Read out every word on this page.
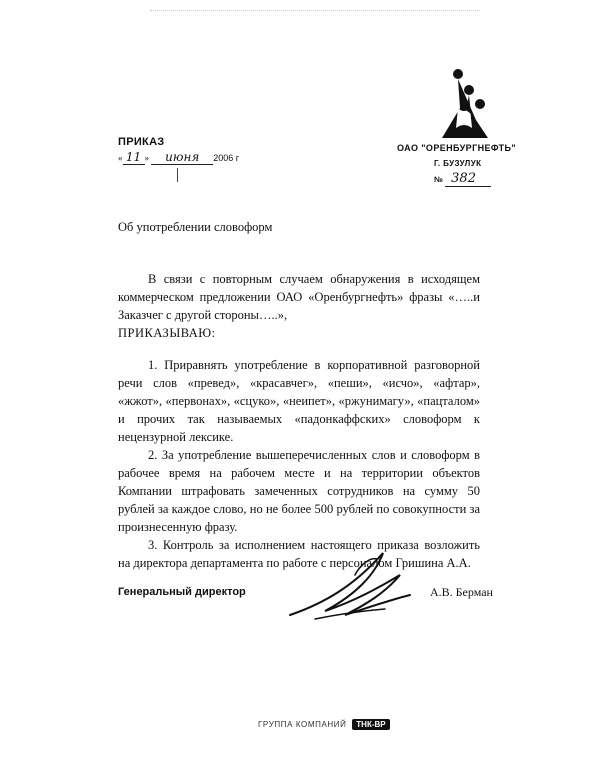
ПРИКАЗ
« 11 » июня 2006 г
ОАО "ОРЕНБУРГНЕФТЬ"
Г. БУЗУЛУК
№ 382
Об употреблении словоформ

В связи с повторным случаем обнаружения в исходящем коммерческом предложении ОАО «Оренбургнефть» фразы «…..и Заказчег с другой стороны…..»,

ПРИКАЗЫВАЮ:

1. Приравнять употребление в корпоративной разговорной речи слов «превед», «красавчег», «пеши», «исчо», «афтар», «жжот», «первонах», «сцуко», «неипет», «ржунимагу», «пацталом» и прочих так называемых «падонкаффских» словоформ к нецензурной лексике.

2. За употребление вышеперечисленных слов и словоформ в рабочее время на рабочем месте и на территории объектов Компании штрафовать замеченных сотрудников на сумму 50 рублей за каждое слово, но не более 500 рублей по совокупности за произнесенную фразу.

3. Контроль за исполнением настоящего приказа возложить на директора департамента по работе с персоналом Гришина А.А.

Генеральный директор	А.В. Берман
ГРУППА КОМПАНИЙ ТНК-ВР
